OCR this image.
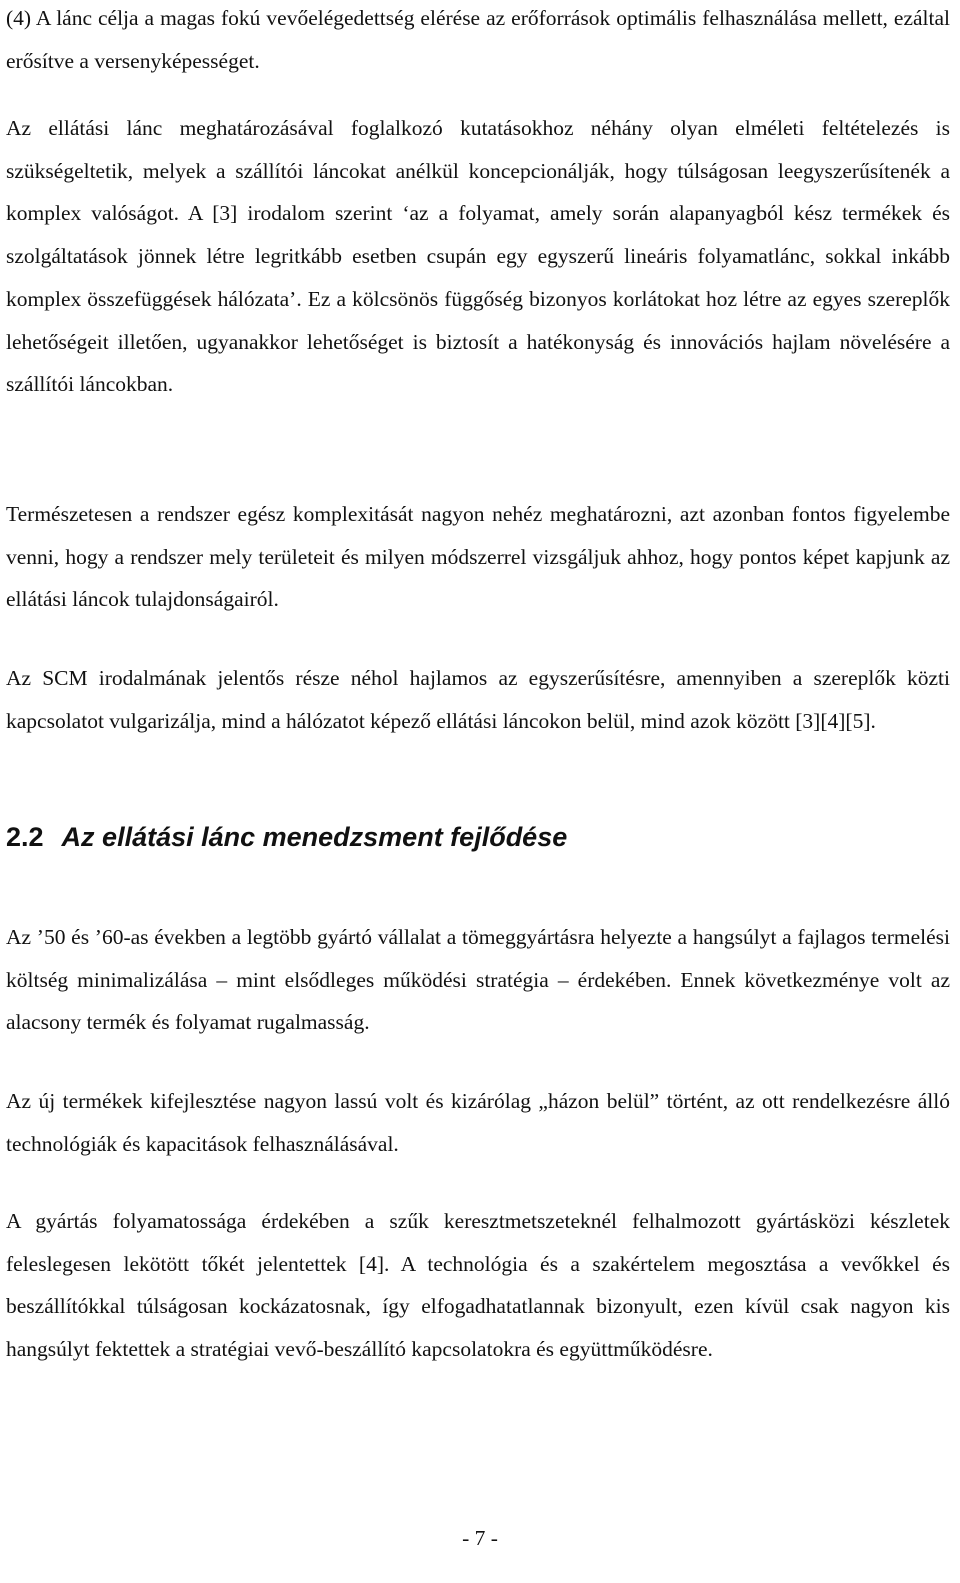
(4) A lánc célja a magas fokú vevőelégedettség elérése az erőforrások optimális felhasználása mellett, ezáltal erősítve a versenyképességet.

Az ellátási lánc meghatározásával foglalkozó kutatásokhoz néhány olyan elméleti feltételezés is szükségeltetik, melyek a szállítói láncokat anélkül koncepcionálják, hogy túlságosan leegyszerűsítenék a komplex valóságot. A [3] irodalom szerint ‘az a folyamat, amely során alapanyagból kész termékek és szolgáltatások jönnek létre legritkább esetben csupán egy egyszerű lineáris folyamatlánc, sokkal inkább komplex összefüggések hálózata’. Ez a kölcsönös függőség bizonyos korlátokat hoz létre az egyes szereplők lehetőségeit illetően, ugyanakkor lehetőséget is biztosít a hatékonyság és innovációs hajlam növelésére a szállítói láncokban.

Természetesen a rendszer egész komplexitását nagyon nehéz meghatározni, azt azonban fontos figyelembe venni, hogy a rendszer mely területeit és milyen módszerrel vizsgáljuk ahhoz, hogy pontos képet kapjunk az ellátási láncok tulajdonságairól.

Az SCM irodalmának jelentős része néhol hajlamos az egyszerűsítésre, amennyiben a szereplők közti kapcsolatot vulgarizálja, mind a hálózatot képező ellátási láncokon belül, mind azok között [3][4][5].

2.2 Az ellátási lánc menedzsment fejlődése

Az ’50 és ’60-as években a legtöbb gyártó vállalat a tömeggyártásra helyezte a hangsúlyt a fajlagos termelési költség minimalizálása – mint elsődleges működési stratégia – érdekében. Ennek következménye volt az alacsony termék és folyamat rugalmasság.

Az új termékek kifejlesztése nagyon lassú volt és kizárólag „házon belül” történt, az ott rendelkezésre álló technológiák és kapacitások felhasználásával.

A gyártás folyamatossága érdekében a szűk keresztmetszeteknél felhalmozott gyártásközi készletek feleslegesen lekötött tőkét jelentettek [4]. A technológia és a szakértelem megosztása a vevőkkel és beszállítókkal túlságosan kockázatosnak, így elfogadhatatlannak bizonyult, ezen kívül csak nagyon kis hangsúlyt fektettek a stratégiai vevő-beszállító kapcsolatokra és együttműködésre.

- 7 -
